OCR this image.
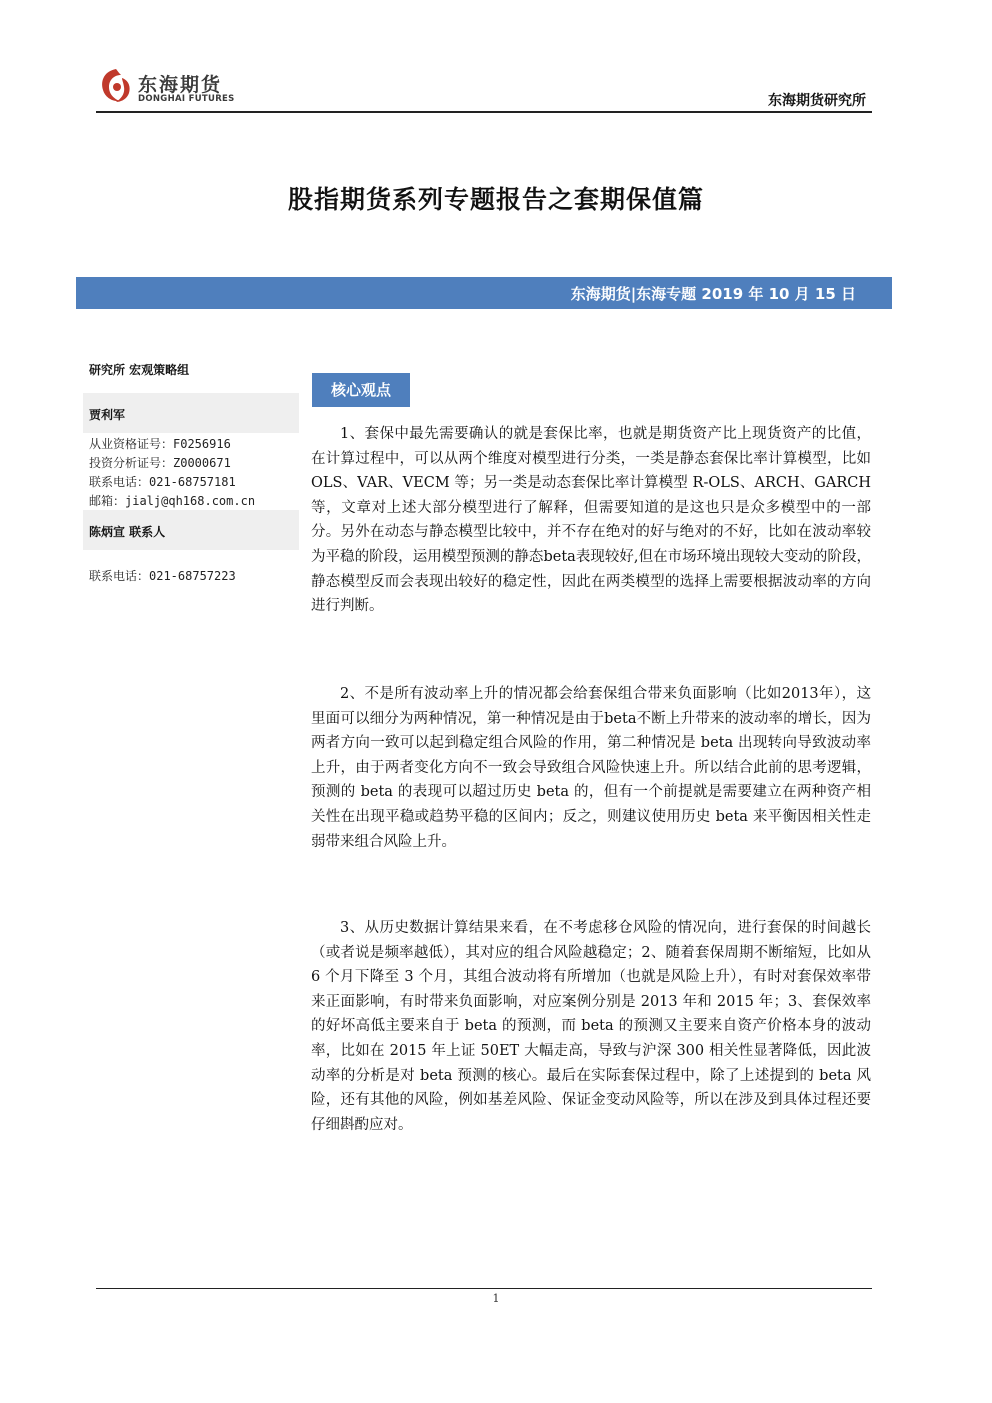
东海期货
DONGHAI FUTURES	东海期货研究所
股指期货系列专题报告之套期保值篇
东海期货|东海专题 2019 年 10 月 15 日
研究所 宏观策略组
贾利军
从业资格证号：F0256916
投资分析证号：Z0000671
联系电话：021-68757181
邮箱：jialj@qh168.com.cn
陈炳宣 联系人
联系电话：021-68757223
核心观点

1、套保中最先需要确认的就是套保比率，也就是期货资产比上现货资产的比值，在计算过程中，可以从两个维度对模型进行分类，一类是静态套保比率计算模型，比如 OLS、VAR、VECM 等；另一类是动态套保比率计算模型 R-OLS、ARCH、GARCH 等，文章对上述大部分模型进行了解释，但需要知道的是这也只是众多模型中的一部分。另外在动态与静态模型比较中，并不存在绝对的好与绝对的不好，比如在波动率较为平稳的阶段，运用模型预测的静态beta表现较好,但在市场环境出现较大变动的阶段，静态模型反而会表现出较好的稳定性，因此在两类模型的选择上需要根据波动率的方向进行判断。

2、不是所有波动率上升的情况都会给套保组合带来负面影响（比如2013年），这里面可以细分为两种情况，第一种情况是由于beta不断上升带来的波动率的增长，因为两者方向一致可以起到稳定组合风险的作用，第二种情况是 beta 出现转向导致波动率上升，由于两者变化方向不一致会导致组合风险快速上升。所以结合此前的思考逻辑，预测的 beta 的表现可以超过历史 beta 的，但有一个前提就是需要建立在两种资产相关性在出现平稳或趋势平稳的区间内；反之，则建议使用历史 beta 来平衡因相关性走弱带来组合风险上升。

3、从历史数据计算结果来看，在不考虑移仓风险的情况向，进行套保的时间越长（或者说是频率越低），其对应的组合风险越稳定；2、随着套保周期不断缩短，比如从 6 个月下降至 3 个月，其组合波动将有所增加（也就是风险上升），有时对套保效率带来正面影响，有时带来负面影响，对应案例分别是 2013 年和 2015 年；3、套保效率的好坏高低主要来自于 beta 的预测，而 beta 的预测又主要来自资产价格本身的波动率，比如在 2015 年上证 50ET 大幅走高，导致与沪深 300 相关性显著降低，因此波动率的分析是对 beta 预测的核心。最后在实际套保过程中，除了上述提到的 beta 风险，还有其他的风险，例如基差风险、保证金变动风险等，所以在涉及到具体过程还要仔细斟酌应对。

1
